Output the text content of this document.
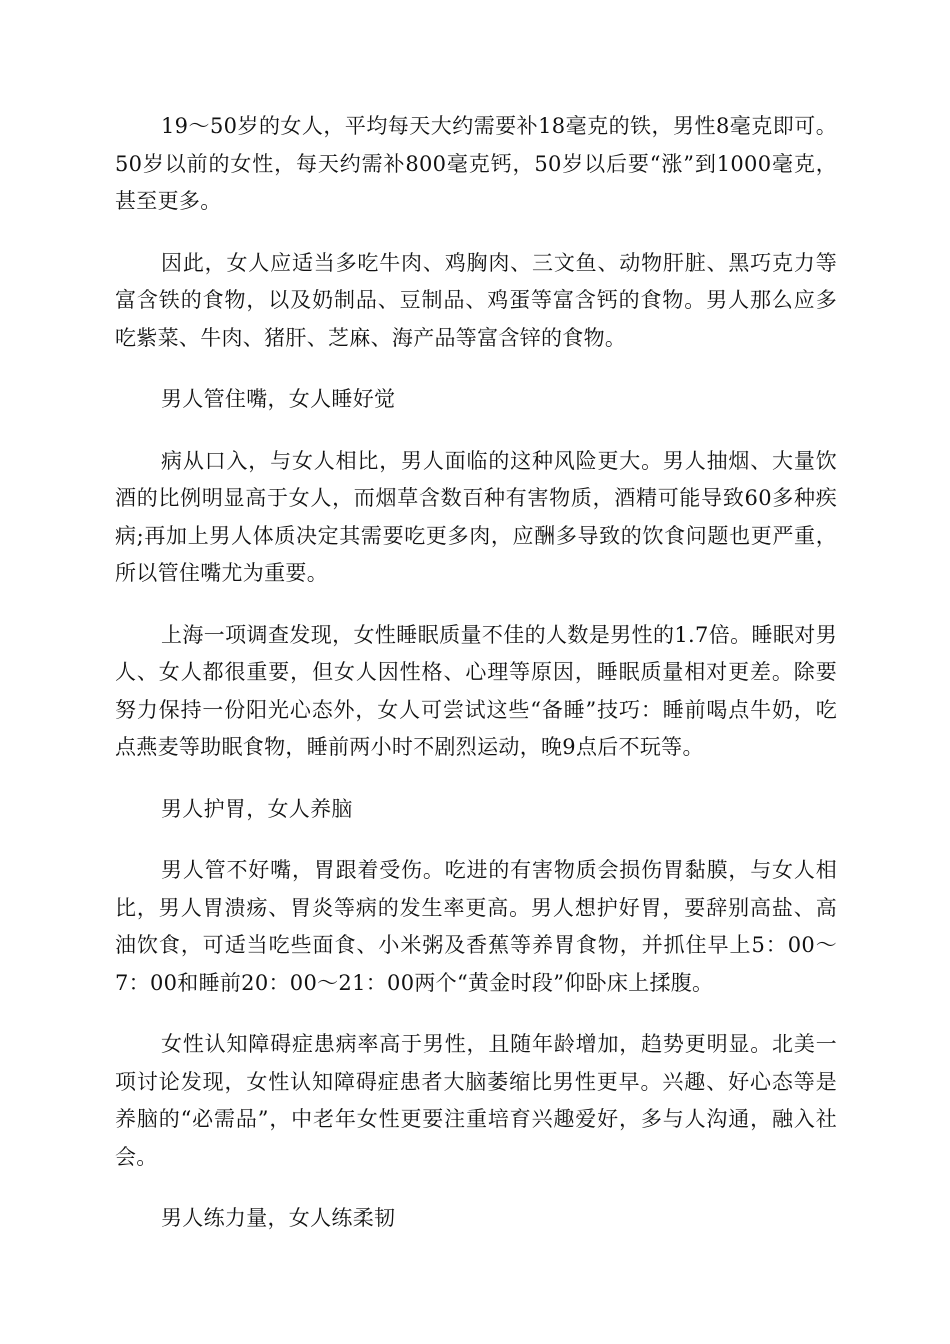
19～50岁的女人，平均每天大约需要补18毫克的铁，男性8毫克即可。50岁以前的女性，每天约需补800毫克钙，50岁以后要“涨”到1000毫克，甚至更多。

因此，女人应适当多吃牛肉、鸡胸肉、三文鱼、动物肝脏、黑巧克力等富含铁的食物，以及奶制品、豆制品、鸡蛋等富含钙的食物。男人那么应多吃紫菜、牛肉、猪肝、芝麻、海产品等富含锌的食物。

男人管住嘴，女人睡好觉

病从口入，与女人相比，男人面临的这种风险更大。男人抽烟、大量饮酒的比例明显高于女人，而烟草含数百种有害物质，酒精可能导致60多种疾病;再加上男人体质决定其需要吃更多肉，应酬多导致的饮食问题也更严重，所以管住嘴尤为重要。

上海一项调查发现，女性睡眠质量不佳的人数是男性的1.7倍。睡眠对男人、女人都很重要，但女人因性格、心理等原因，睡眠质量相对更差。除要努力保持一份阳光心态外，女人可尝试这些“备睡”技巧：睡前喝点牛奶，吃点燕麦等助眠食物，睡前两小时不剧烈运动，晚9点后不玩等。

男人护胃，女人养脑

男人管不好嘴，胃跟着受伤。吃进的有害物质会损伤胃黏膜，与女人相比，男人胃溃疡、胃炎等病的发生率更高。男人想护好胃，要辞别高盐、高油饮食，可适当吃些面食、小米粥及香蕉等养胃食物，并抓住早上5：00～7：00和睡前20：00～21：00两个“黄金时段”仰卧床上揉腹。

女性认知障碍症患病率高于男性，且随年龄增加，趋势更明显。北美一项讨论发现，女性认知障碍症患者大脑萎缩比男性更早。兴趣、好心态等是养脑的“必需品”，中老年女性更要注重培育兴趣爱好，多与人沟通，融入社会。

男人练力量，女人练柔韧
